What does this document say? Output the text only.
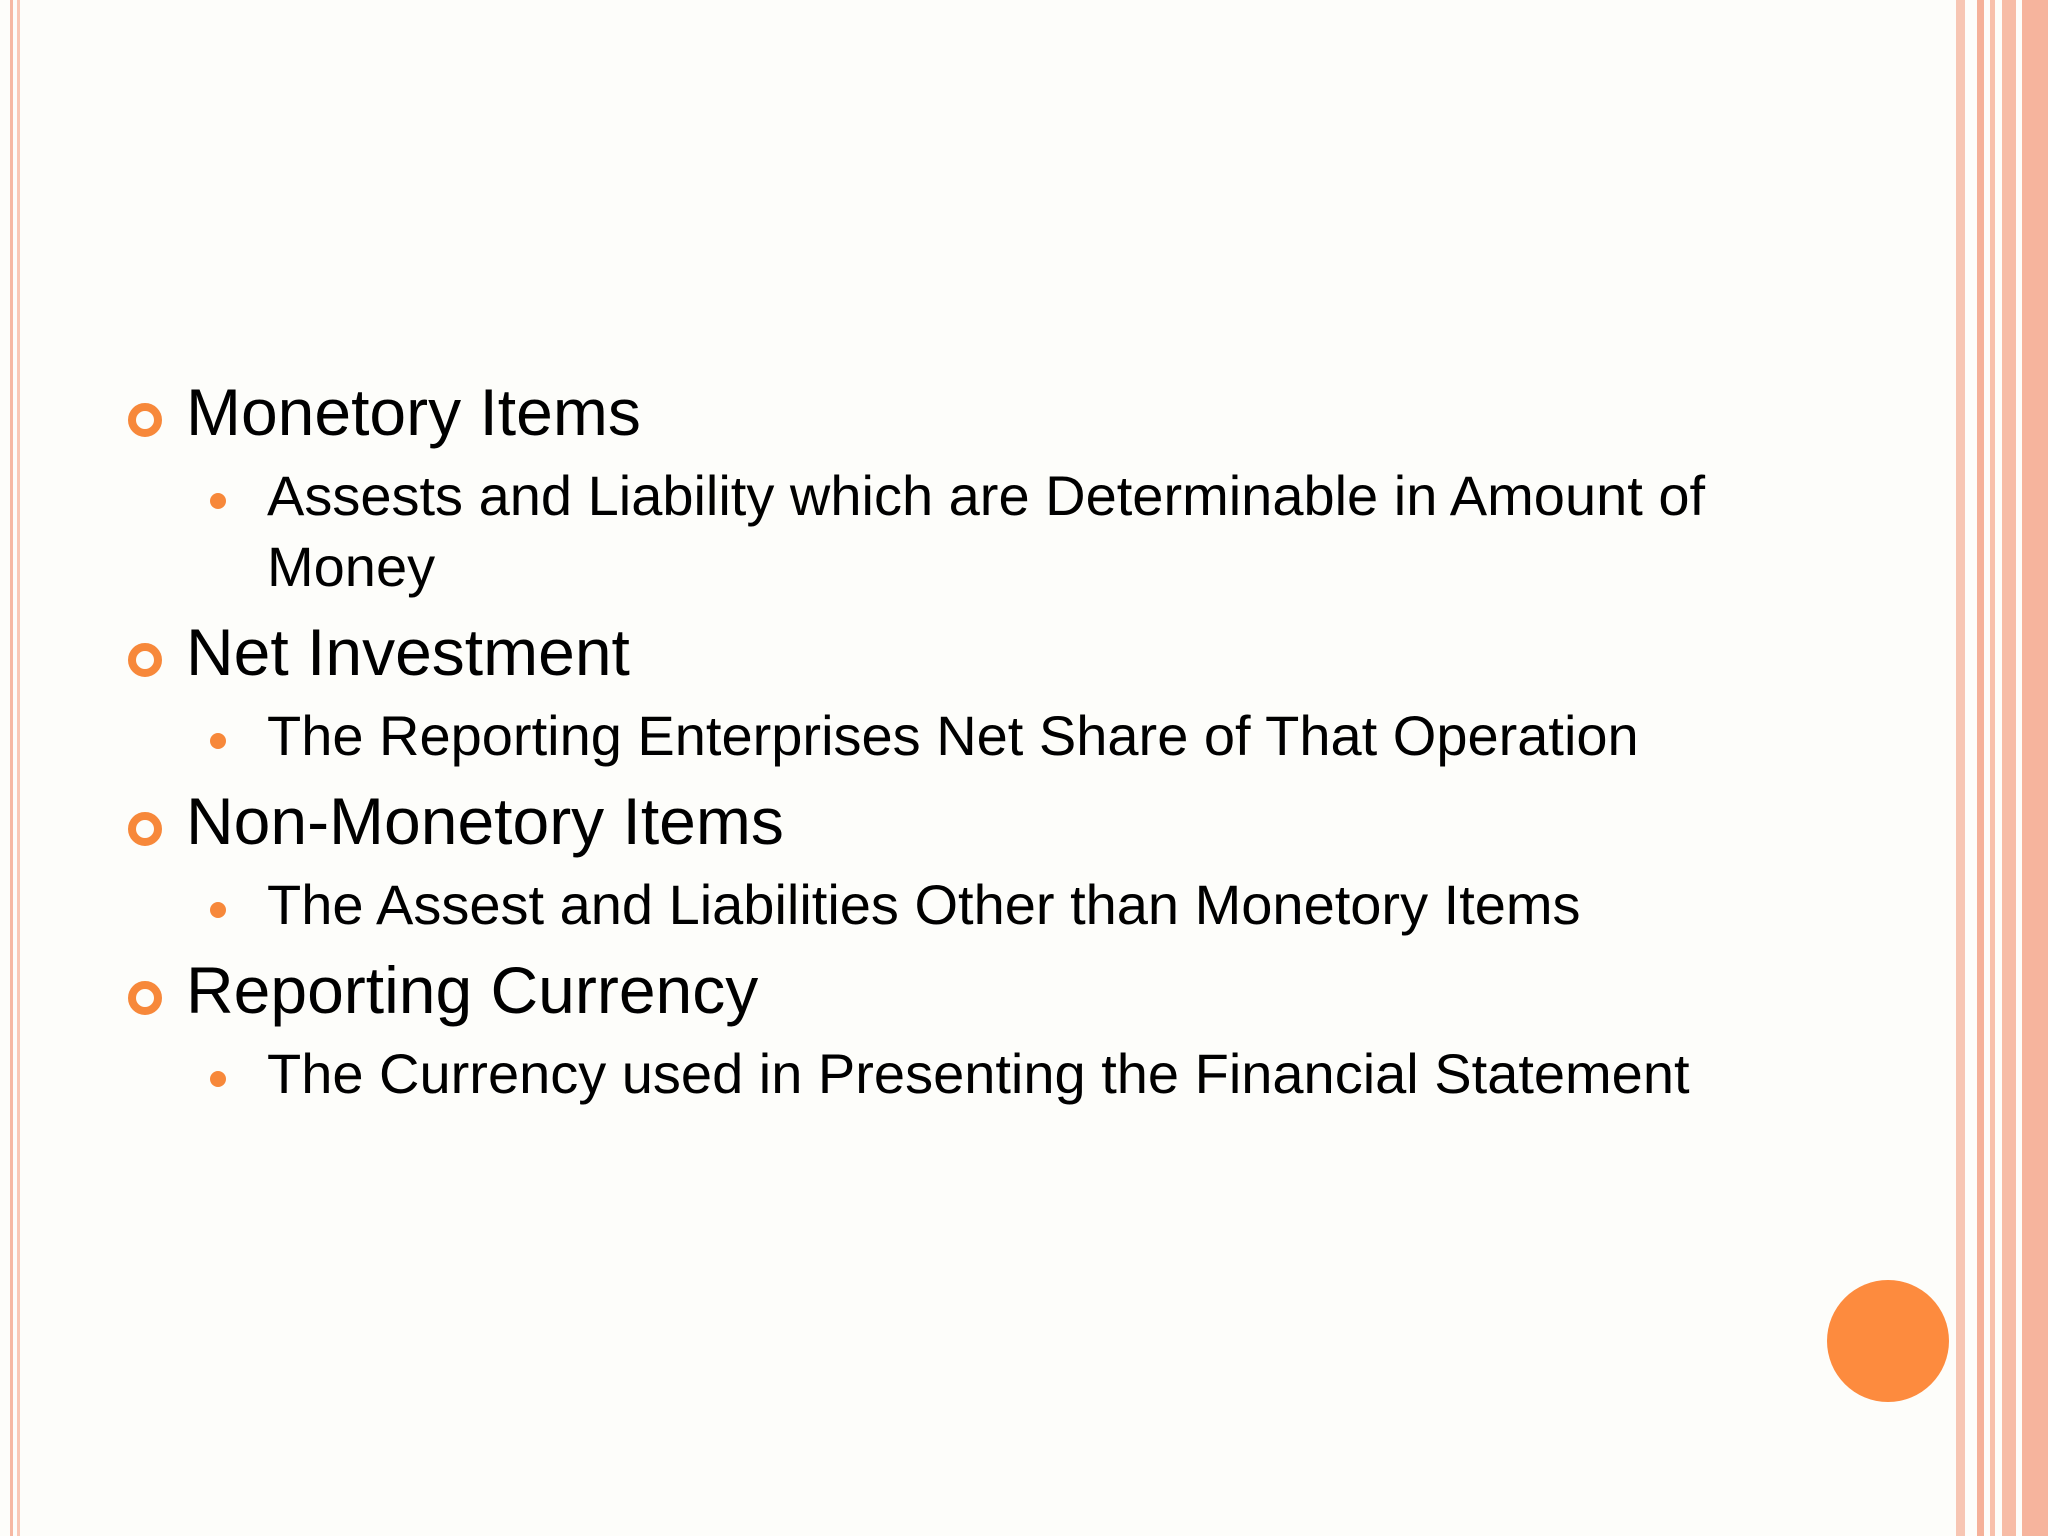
Monetory Items
Assests and Liability which are Determinable in Amount of Money
Net Investment
The Reporting Enterprises Net Share of That Operation
Non-Monetory Items
The Assest and Liabilities Other than Monetory Items
Reporting Currency
The Currency used in Presenting the Financial Statement
